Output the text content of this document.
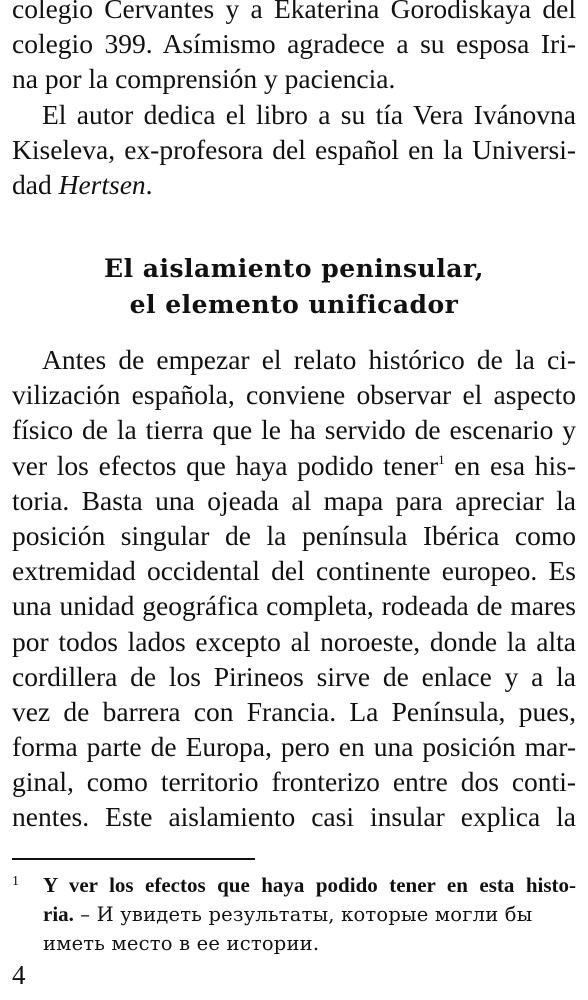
colegio Cervantes y a Ekaterina Gorodiskaya del
colegio 399. Asímismo agradece a su esposa Iri-
na por la comprensión y paciencia.
El autor dedica el libro a su tía Vera Ivánovna
Kiseleva, ex-profesora del español en la Universi-
dad Hertsen.
El aislamiento peninsular,
el elemento unificador
Antes de empezar el relato histórico de la ci-
vilización española, conviene observar el aspecto
físico de la tierra que le ha servido de escenario y
ver los efectos que haya podido tener$^1$ en esa his-
toria. Basta una ojeada al mapa para apreciar la
posición singular de la península Ibérica como
extremidad occidental del continente europeo. Es
una unidad geográfica completa, rodeada de mares
por todos lados excepto al noroeste, donde la alta
cordillera de los Pirineos sirve de enlace y a la
vez de barrera con Francia. La Península, pues,
forma parte de Europa, pero en una posición mar-
ginal, como territorio fronterizo entre dos conti-
nentes. Este aislamiento casi insular explica la
1 Y ver los efectos que haya podido tener en esta histo-
ria. – И увидеть результаты, которые могли бы
иметь место в ее истории.
4
